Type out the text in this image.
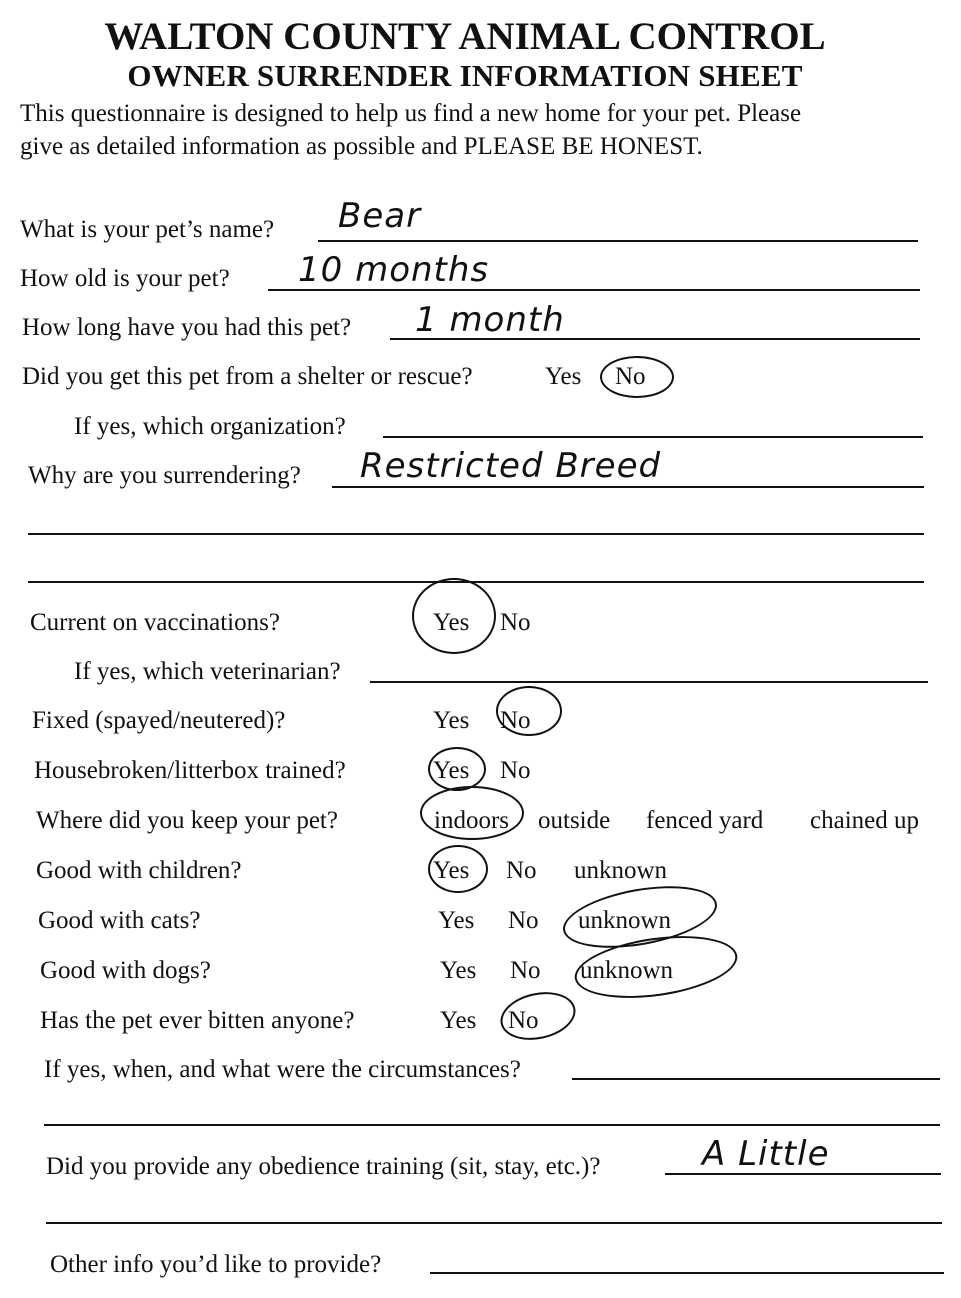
WALTON COUNTY ANIMAL CONTROL
OWNER SURRENDER INFORMATION SHEET
This questionnaire is designed to help us find a new home for your pet. Please
give as detailed information as possible and PLEASE BE HONEST.
What is your pet’s name? Bear
How old is your pet? 10 months
How long have you had this pet? 1 month
Did you get this pet from a shelter or rescue?	Yes No
If yes, which organization?
Why are you surrendering? Restricted Breed
Current on vaccinations?	Yes No
If yes, which veterinarian?
Fixed (spayed/neutered)?	Yes No
Housebroken/litterbox trained?	Yes No
Where did you keep your pet?	indoors outside fenced yard chained up
Good with children?	Yes No unknown
Good with cats?	Yes No unknown
Good with dogs?	Yes No unknown
Has the pet ever bitten anyone?	Yes No
If yes, when, and what were the circumstances?
Did you provide any obedience training (sit, stay, etc.)?	A Little
Other info you’d like to provide?
